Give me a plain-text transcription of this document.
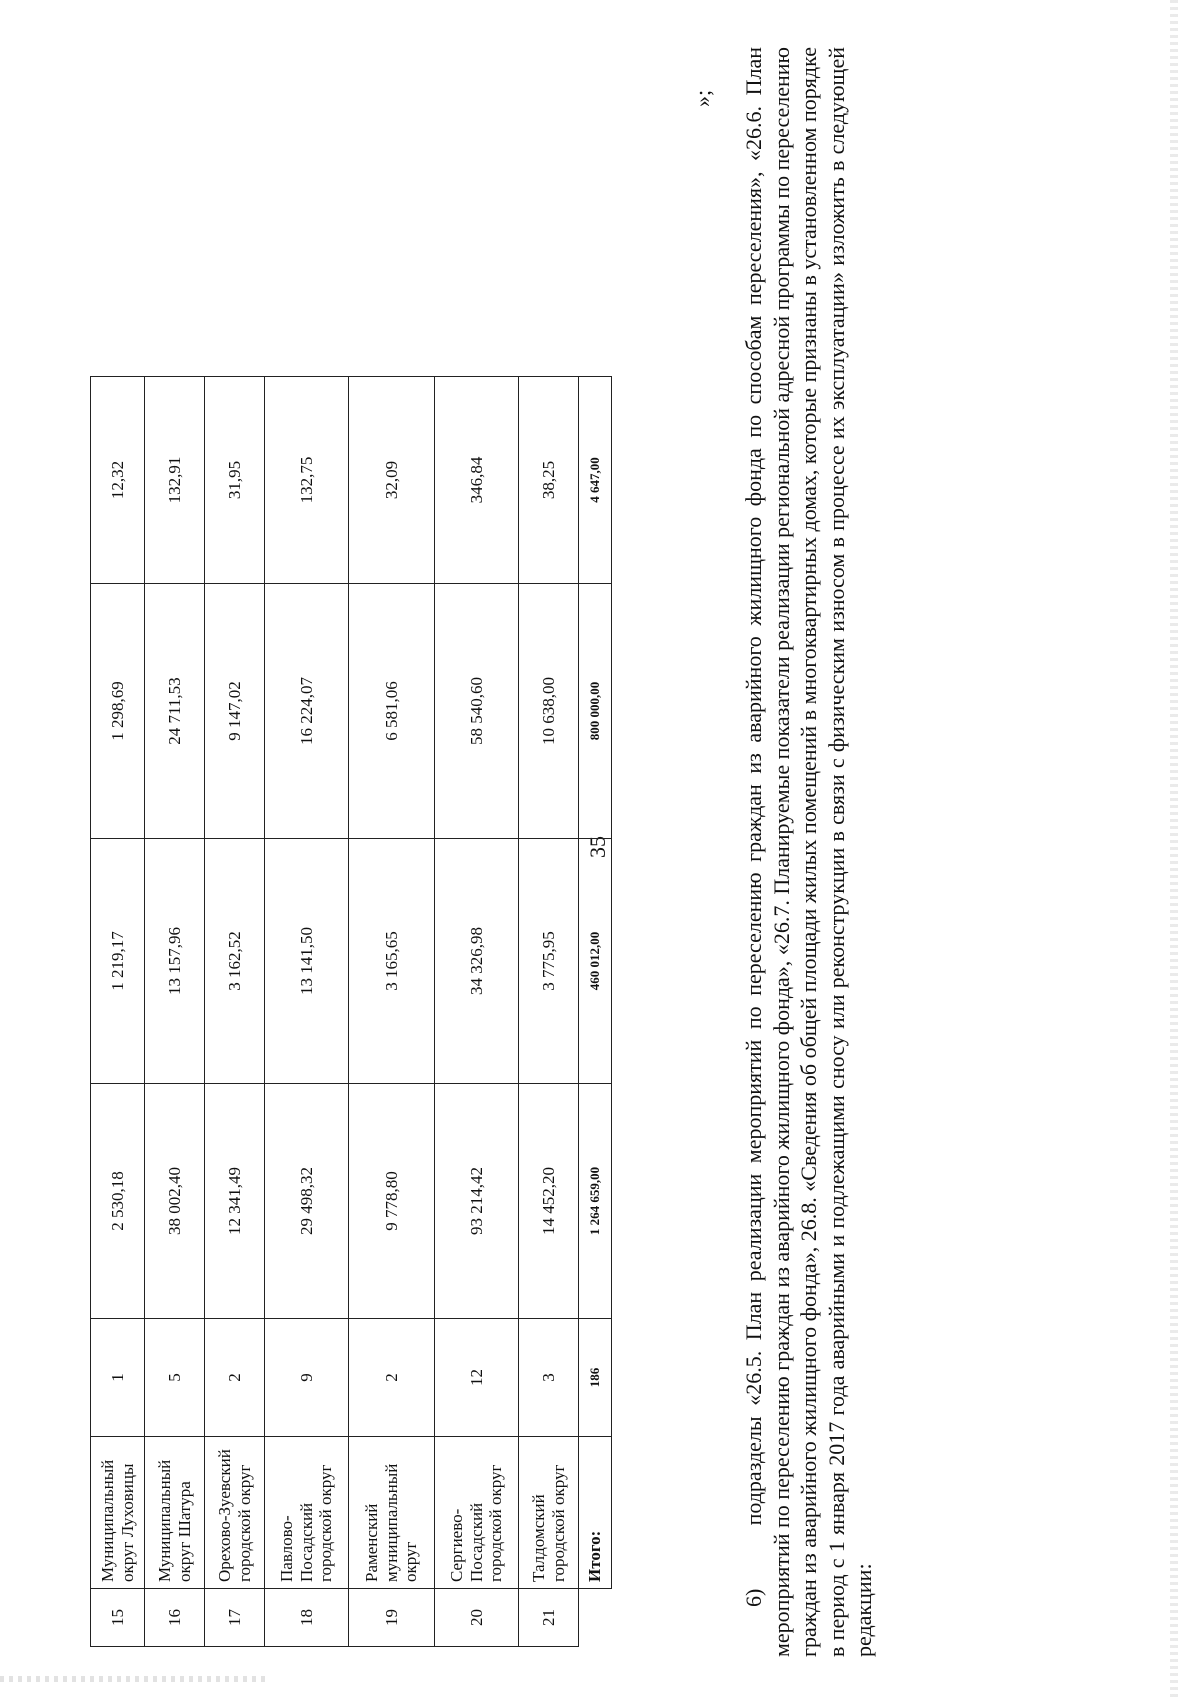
35
15	Муниципальный округ Луховицы	1	2 530,18	1 219,17	1 298,69	12,32
16	Муниципальный округ Шатура	5	38 002,40	13 157,96	24 711,53	132,91
17	Орехово-Зуевский городской округ	2	12 341,49	3 162,52	9 147,02	31,95
18	Павлово-Посадский городской округ	9	29 498,32	13 141,50	16 224,07	132,75
19	Раменский муниципальный округ	2	9 778,80	3 165,65	6 581,06	32,09
20	Сергиево-Посадский городской округ	12	93 214,42	34 326,98	58 540,60	346,84
21	Талдомский городской округ	3	14 452,20	3 775,95	10 638,00	38,25
	Итого:	186	1 264 659,00	460 012,00	800 000,00	4 647,00
»; 6)      подразделы «26.5. План реализации мероприятий по переселению граждан из аварийного жилищного фонда по способам переселения», «26.6. План мероприятий по переселению граждан из аварийного жилищного фонда», «26.7. Планируемые показатели реализации региональной адресной программы по переселению граждан из аварийного жилищного фонда», 26.8. «Сведения об общей площади жилых помещений в многоквартирных домах, которые признаны в установленном порядке в период с 1 января 2017 года аварийными и подлежащими сносу или реконструкции в связи с физическим износом в процессе их эксплуатации» изложить в следующей редакции:
